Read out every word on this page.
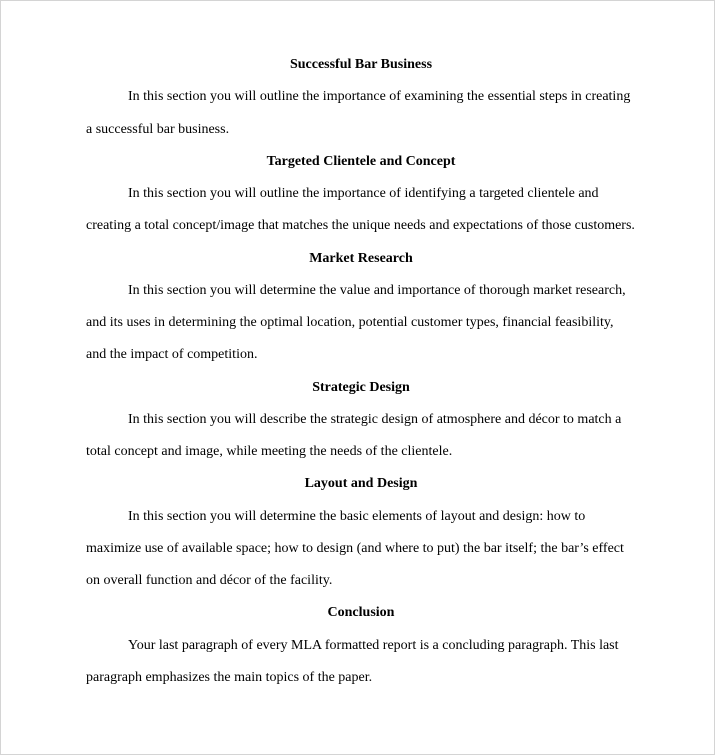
Successful Bar Business

In this section you will outline the importance of examining the essential steps in creating a successful bar business.

Targeted Clientele and Concept

In this section you will outline the importance of identifying a targeted clientele and creating a total concept/image that matches the unique needs and expectations of those customers.

Market Research

In this section you will determine the value and importance of thorough market research, and its uses in determining the optimal location, potential customer types, financial feasibility, and the impact of competition.

Strategic Design

In this section you will describe the strategic design of atmosphere and décor to match a total concept and image, while meeting the needs of the clientele.

Layout and Design

In this section you will determine the basic elements of layout and design: how to maximize use of available space; how to design (and where to put) the bar itself; the bar’s effect on overall function and décor of the facility.

Conclusion

Your last paragraph of every MLA formatted report is a concluding paragraph. This last paragraph emphasizes the main topics of the paper.
